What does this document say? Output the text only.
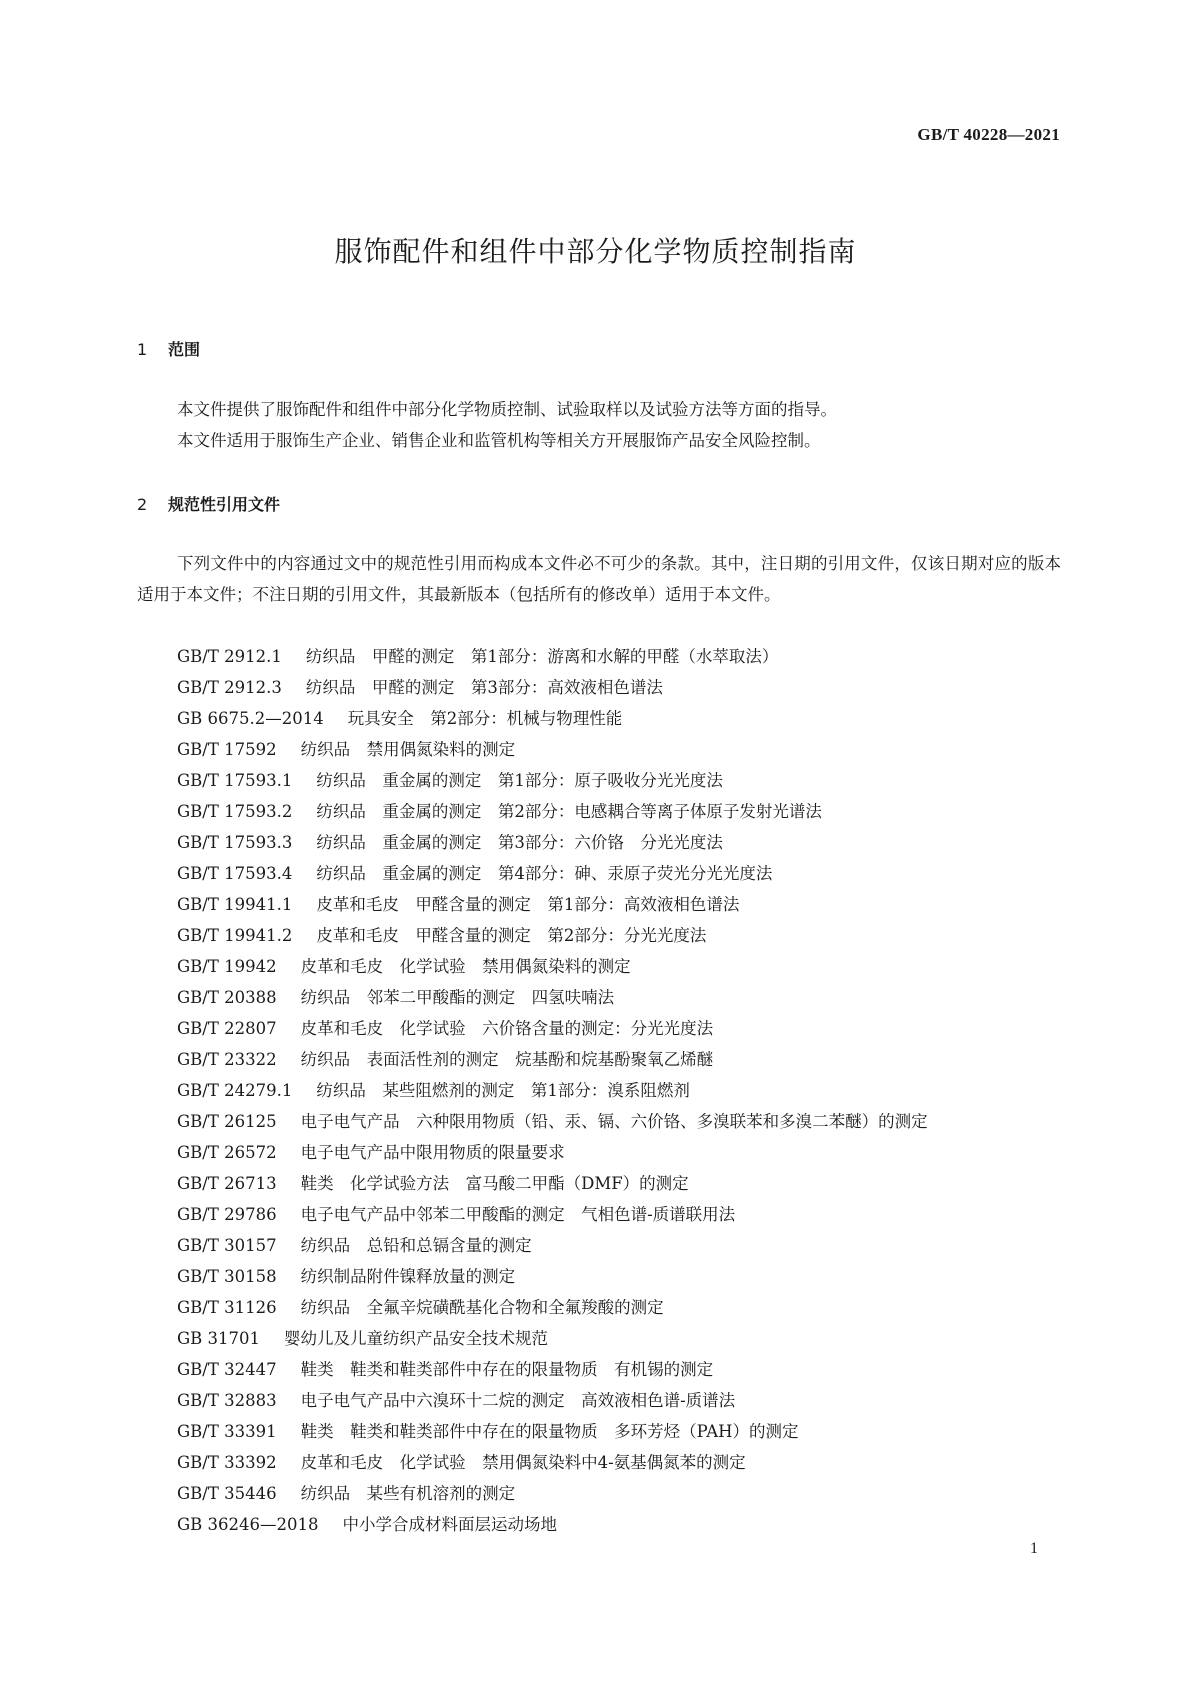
GB/T 40228—2021

服饰配件和组件中部分化学物质控制指南
1 范围

本文件提供了服饰配件和组件中部分化学物质控制、试验取样以及试验方法等方面的指导。

本文件适用于服饰生产企业、销售企业和监管机构等相关方开展服饰产品安全风险控制。

2 规范性引用文件

下列文件中的内容通过文中的规范性引用而构成本文件必不可少的条款。其中，注日期的引用文件，仅该日期对应的版本适用于本文件；不注日期的引用文件，其最新版本（包括所有的修改单）适用于本文件。

GB/T 2912.1 纺织品　甲醛的测定　第1部分：游离和水解的甲醛（水萃取法）
GB/T 2912.3 纺织品　甲醛的测定　第3部分：高效液相色谱法
GB 6675.2—2014 玩具安全　第2部分：机械与物理性能
GB/T 17592 纺织品　禁用偶氮染料的测定
GB/T 17593.1 纺织品　重金属的测定　第1部分：原子吸收分光光度法
GB/T 17593.2 纺织品　重金属的测定　第2部分：电感耦合等离子体原子发射光谱法
GB/T 17593.3 纺织品　重金属的测定　第3部分：六价铬　分光光度法
GB/T 17593.4 纺织品　重金属的测定　第4部分：砷、汞原子荧光分光光度法
GB/T 19941.1 皮革和毛皮　甲醛含量的测定　第1部分：高效液相色谱法
GB/T 19941.2 皮革和毛皮　甲醛含量的测定　第2部分：分光光度法
GB/T 19942 皮革和毛皮　化学试验　禁用偶氮染料的测定
GB/T 20388 纺织品　邻苯二甲酸酯的测定　四氢呋喃法
GB/T 22807 皮革和毛皮　化学试验　六价铬含量的测定：分光光度法
GB/T 23322 纺织品　表面活性剂的测定　烷基酚和烷基酚聚氧乙烯醚
GB/T 24279.1 纺织品　某些阻燃剂的测定　第1部分：溴系阻燃剂
GB/T 26125 电子电气产品　六种限用物质（铅、汞、镉、六价铬、多溴联苯和多溴二苯醚）的测定
GB/T 26572 电子电气产品中限用物质的限量要求
GB/T 26713 鞋类　化学试验方法　富马酸二甲酯（DMF）的测定
GB/T 29786 电子电气产品中邻苯二甲酸酯的测定　气相色谱-质谱联用法
GB/T 30157 纺织品　总铅和总镉含量的测定
GB/T 30158 纺织制品附件镍释放量的测定
GB/T 31126 纺织品　全氟辛烷磺酰基化合物和全氟羧酸的测定
GB 31701 婴幼儿及儿童纺织产品安全技术规范
GB/T 32447 鞋类　鞋类和鞋类部件中存在的限量物质　有机锡的测定
GB/T 32883 电子电气产品中六溴环十二烷的测定　高效液相色谱-质谱法
GB/T 33391 鞋类　鞋类和鞋类部件中存在的限量物质　多环芳烃（PAH）的测定
GB/T 33392 皮革和毛皮　化学试验　禁用偶氮染料中4-氨基偶氮苯的测定
GB/T 35446 纺织品　某些有机溶剂的测定
GB 36246—2018 中小学合成材料面层运动场地

1
